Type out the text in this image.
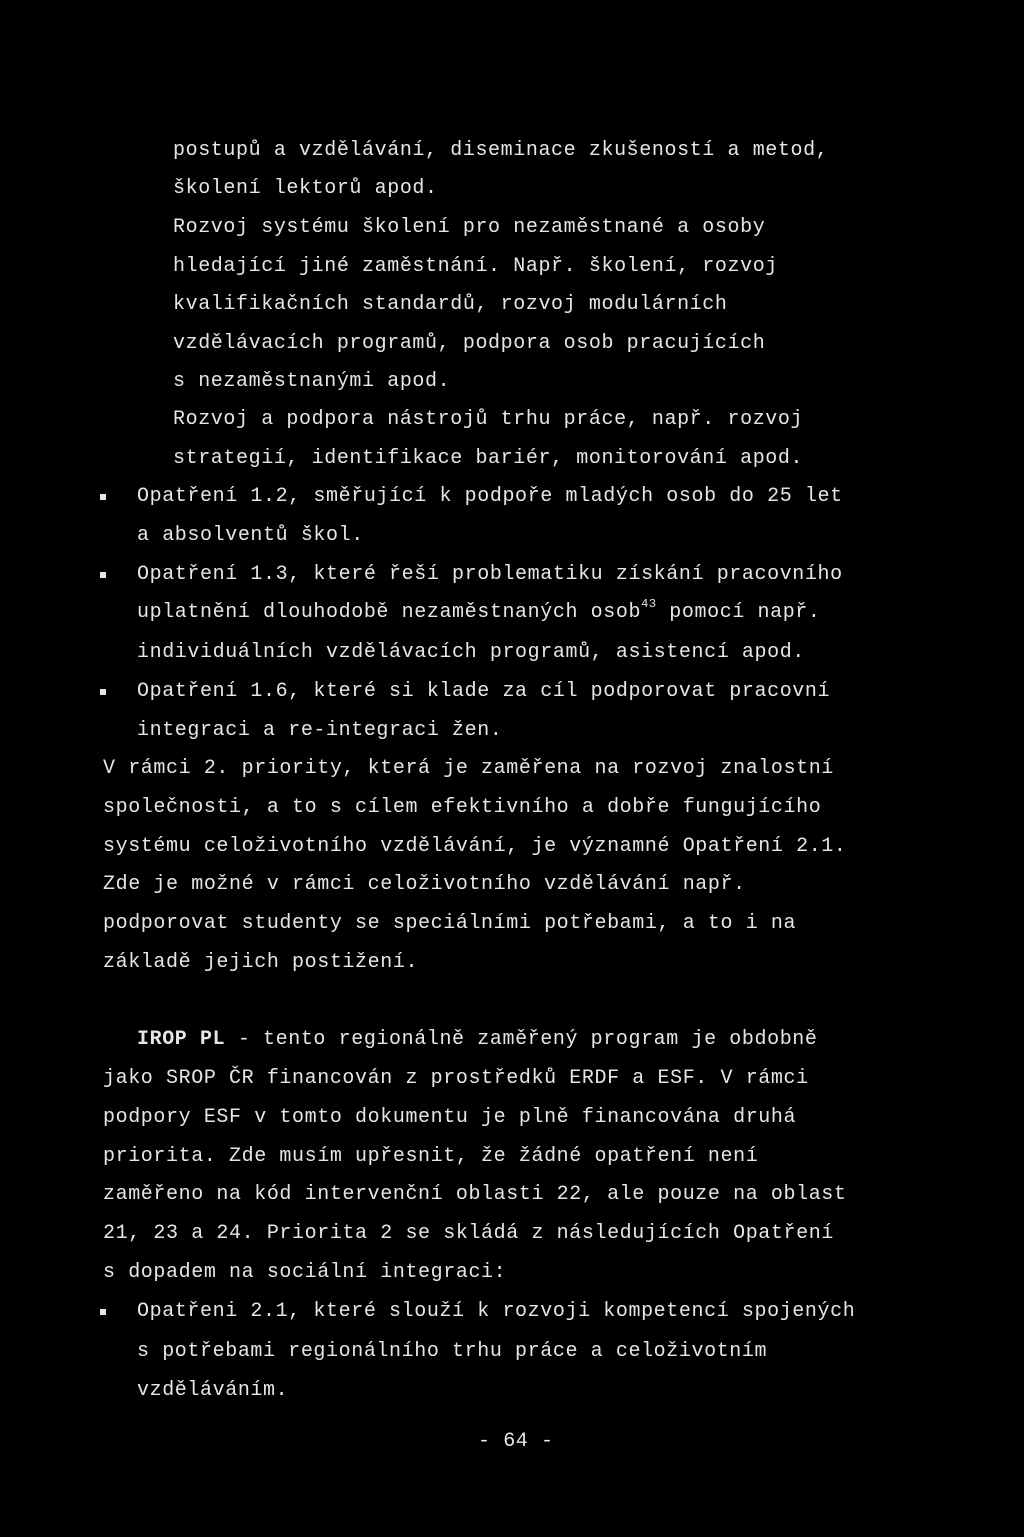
postupů a vzdělávání, diseminace zkušeností a metod,
školení lektorů apod.
Rozvoj systému školení pro nezaměstnané a osoby
hledající jiné zaměstnání. Např. školení, rozvoj
kvalifikačních standardů, rozvoj modulárních
vzdělávacích programů, podpora osob pracujících
s nezaměstnanými apod.
Rozvoj a podpora nástrojů trhu práce, např. rozvoj
strategií, identifikace bariér, monitorování apod.
Opatření 1.2, směřující k podpoře mladých osob do 25 let
a absolventů škol.
Opatření 1.3, které řeší problematiku získání pracovního
uplatnění dlouhodobě nezaměstnaných osob$^{43}$ pomocí např.
individuálních vzdělávacích programů, asistencí apod.
Opatření 1.6, které si klade za cíl podporovat pracovní
integraci a re-integraci žen.
V rámci 2. priority, která je zaměřena na rozvoj znalostní
společnosti, a to s cílem efektivního a dobře fungujícího
systému celoživotního vzdělávání, je významné Opatření 2.1.
Zde je možné v rámci celoživotního vzdělávání např.
podporovat studenty se speciálními potřebami, a to i na
základě jejich postižení.
IROP PL - tento regionálně zaměřený program je obdobně
jako SROP ČR financován z prostředků ERDF a ESF. V rámci
podpory ESF v tomto dokumentu je plně financována druhá
priorita. Zde musím upřesnit, že žádné opatření není
zaměřeno na kód intervenční oblasti 22, ale pouze na oblast
21, 23 a 24. Priorita 2 se skládá z následujících Opatření
s dopadem na sociální integraci:
Opatřeni 2.1, které slouží k rozvoji kompetencí spojených
s potřebami regionálního trhu práce a celoživotním
vzděláváním.
- 64 -
